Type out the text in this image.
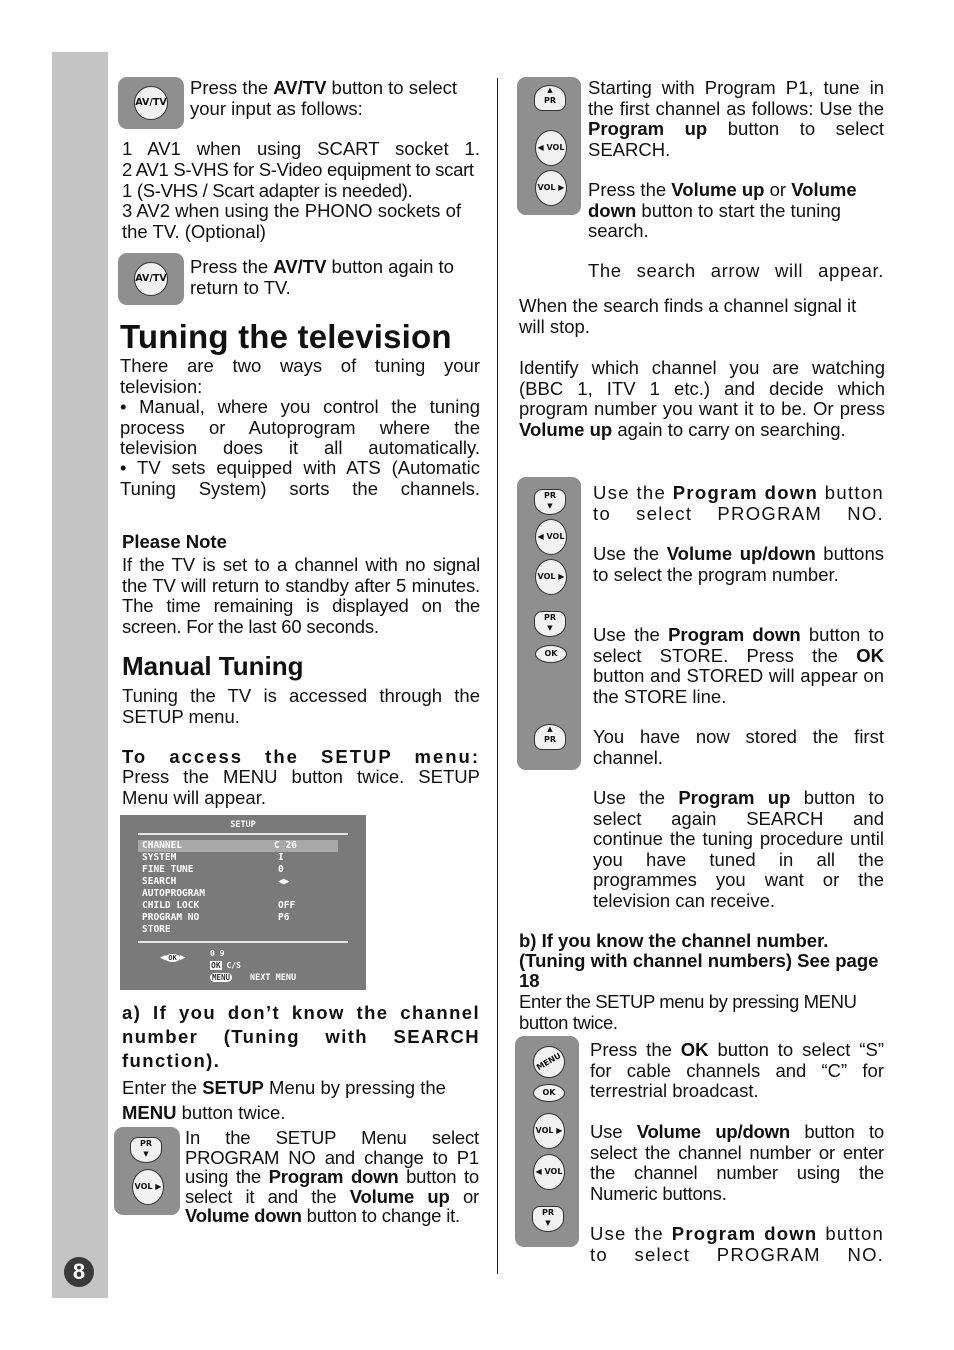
8
AV/TV

Press the AV/TV button to select your input as follows:

1 AV1 when using SCART socket 1.

2 AV1 S-VHS for S-Video equipment to scart 1 (S-VHS / Scart adapter is needed).

3 AV2 when using the PHONO sockets of the TV. (Optional)

AV/TV

Press the AV/TV button again to return to TV.

Tuning the television

There are two ways of tuning your television:

• Manual, where you control the tuning process or Autoprogram where the television does it all automatically.

• TV sets equipped with ATS (Automatic Tuning System) sorts the channels.

Please Note

If the TV is set to a channel with no signal the TV will return to standby after 5 minutes. The time remaining is displayed on the screen. For the last 60 seconds.

Manual Tuning

Tuning the TV is accessed through the SETUP menu.

To access the SETUP menu:

Press the MENU button twice. SETUP Menu will appear.

SETUP
CHANNEL	C 26
SYSTEM	I
FINE TUNE	0
SEARCH	◀▶
AUTOPROGRAM
CHILD LOCK	OFF
PROGRAM NO	P6
STORE
◀ OK ▶	0 9
OK C/S
MENU NEXT MENU

a) If you don’t know the channel number (Tuning with SEARCH function).

Enter the SETUP Menu by pressing the MENU button twice.

PR ▼
VOL ▶

In the SETUP Menu select PROGRAM NO and change to P1 using the Program down button to select it and the Volume up or Volume down button to change it.

▲ PR
◀ VOL
VOL ▶

Starting with Program P1, tune in the first channel as follows: Use the Program up button to select SEARCH.

Press the Volume up or Volume down button to start the tuning search.

The search arrow will appear.

When the search finds a channel signal it will stop.

Identify which channel you are watching (BBC 1, ITV 1 etc.) and decide which program number you want it to be. Or press Volume up again to carry on searching.

PR ▼
◀ VOL
VOL ▶
PR ▼
OK
▲ PR

Use the Program down button to select PROGRAM NO.

Use the Volume up/down buttons to select the program number.

Use the Program down button to select STORE. Press the OK button and STORED will appear on the STORE line.

You have now stored the first channel.

Use the Program up button to select again SEARCH and continue the tuning procedure until you have tuned in all the programmes you want or the television can receive.

b) If you know the channel number. (Tuning with channel numbers) See page 18

Enter the SETUP menu by pressing MENU button twice.

MENU
OK
VOL ▶
◀ VOL
PR ▼

Press the OK button to select “S” for cable channels and “C” for terrestrial broadcast.

Use Volume up/down button to select the channel number or enter the channel number using the Numeric buttons.

Use the Program down button to select PROGRAM NO.
